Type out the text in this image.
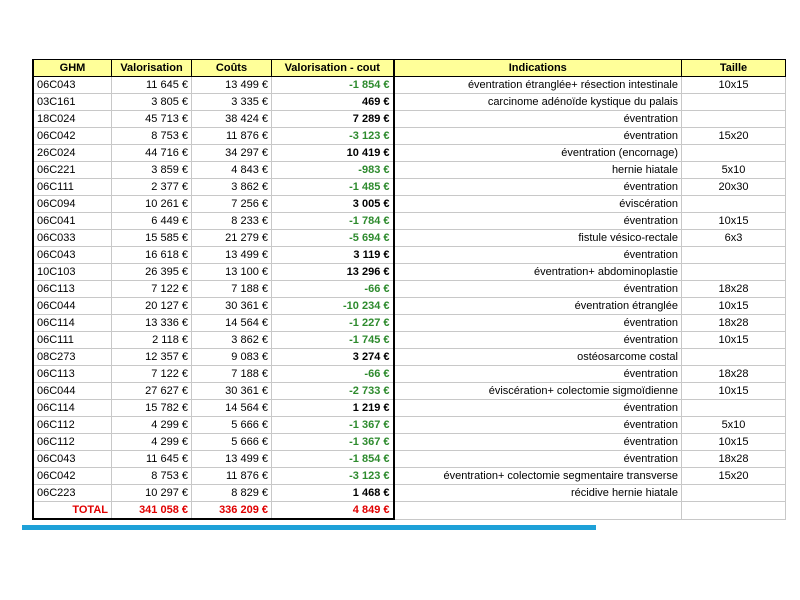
GHM	Valorisation	Coûts	Valorisation - cout	Indications	Taille
06C043	11 645 €	13 499 €	-1 854 €	éventration étranglée+ résection intestinale	10x15
03C161	3 805 €	3 335 €	469 €	carcinome adénoïde kystique du palais	
18C024	45 713 €	38 424 €	7 289 €	éventration	
06C042	8 753 €	11 876 €	-3 123 €	éventration	15x20
26C024	44 716 €	34 297 €	10 419 €	éventration (encornage)	
06C221	3 859 €	4 843 €	-983 €	hernie hiatale	5x10
06C111	2 377 €	3 862 €	-1 485 €	éventration	20x30
06C094	10 261 €	7 256 €	3 005 €	éviscération	
06C041	6 449 €	8 233 €	-1 784 €	éventration	10x15
06C033	15 585 €	21 279 €	-5 694 €	fistule vésico-rectale	6x3
06C043	16 618 €	13 499 €	3 119 €	éventration	
10C103	26 395 €	13 100 €	13 296 €	éventration+ abdominoplastie	
06C113	7 122 €	7 188 €	-66 €	éventration	18x28
06C044	20 127 €	30 361 €	-10 234 €	éventration étranglée	10x15
06C114	13 336 €	14 564 €	-1 227 €	éventration	18x28
06C111	2 118 €	3 862 €	-1 745 €	éventration	10x15
08C273	12 357 €	9 083 €	3 274 €	ostéosarcome costal	
06C113	7 122 €	7 188 €	-66 €	éventration	18x28
06C044	27 627 €	30 361 €	-2 733 €	éviscération+ colectomie sigmoïdienne	10x15
06C114	15 782 €	14 564 €	1 219 €	éventration	
06C112	4 299 €	5 666 €	-1 367 €	éventration	5x10
06C112	4 299 €	5 666 €	-1 367 €	éventration	10x15
06C043	11 645 €	13 499 €	-1 854 €	éventration	18x28
06C042	8 753 €	11 876 €	-3 123 €	éventration+ colectomie segmentaire transverse	15x20
06C223	10 297 €	8 829 €	1 468 €	récidive hernie hiatale	
TOTAL	341 058 €	336 209 €	4 849 €		
